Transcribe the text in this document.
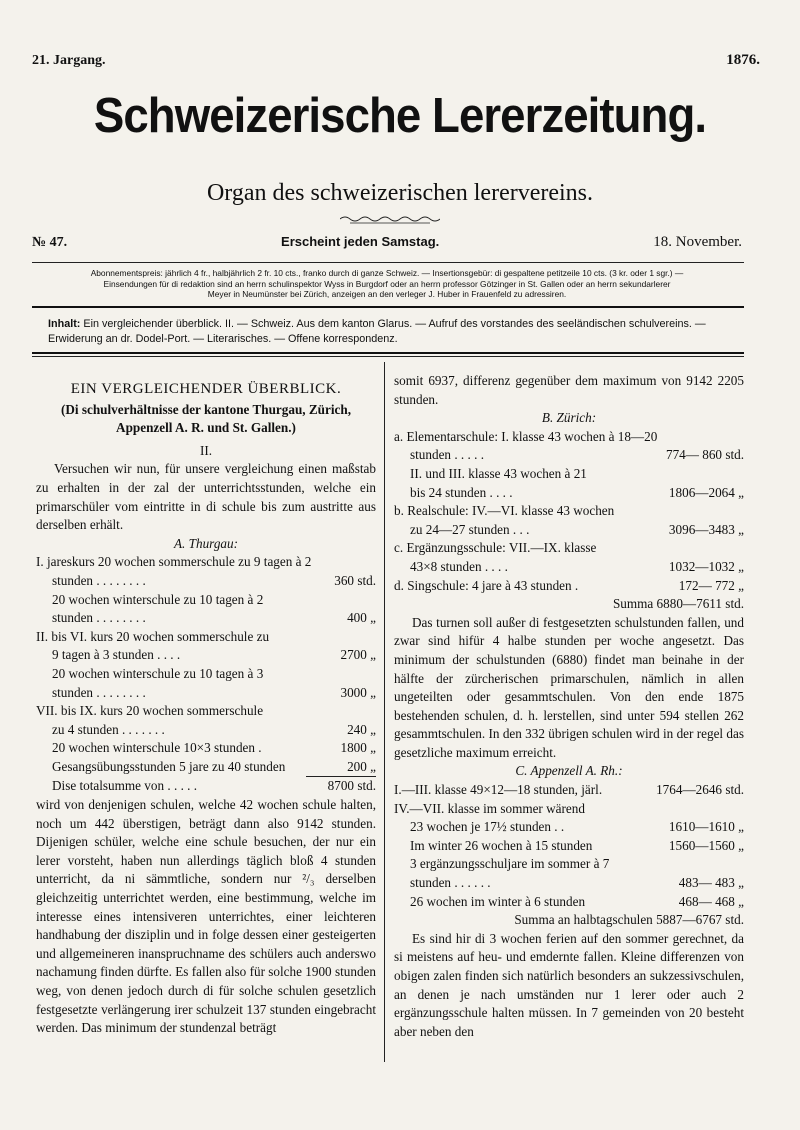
21. Jargang.	1876.
Schweizerische Lererzeitung.
Organ des schweizerischen lerervereins.
№ 47.	Erscheint jeden Samstag.	18. November.
Abonnementspreis: jährlich 4 fr., halbjährlich 2 fr. 10 cts., franko durch di ganze Schweiz. — Insertionsgebür: di gespaltene petitzeile 10 cts. (3 kr. oder 1 sgr.) —
Einsendungen für di redaktion sind an herrn schulinspektor Wyss in Burgdorf oder an herrn professor Götzinger in St. Gallen oder an herrn sekundarlerer
Meyer in Neumünster bei Zürich, anzeigen an den verleger J. Huber in Frauenfeld zu adressiren.
Inhalt: Ein vergleichender überblick. II. — Schweiz. Aus dem kanton Glarus. — Aufruf des vorstandes des seeländischen schulvereins. — Erwiderung an dr. Dodel-Port. — Literarisches. — Offene korrespondenz.
EIN VERGLEICHENDER ÜBERBLICK.
(Di schulverhältnisse der kantone Thurgau, Zürich, Appenzell A. R. und St. Gallen.)
II.
Versuchen wir nun, für unsere vergleichung einen maßstab zu erhalten in der zal der unterrichtsstunden, welche ein primarschüler vom eintritte in di schule bis zum austritte aus derselben erhält.
A. Thurgau:
I. jareskurs 20 wochen sommerschule zu 9 tagen à 2
stunden . . . . . . . .	360 std.
20 wochen winterschule zu 10 tagen à 2
stunden . . . . . . . .	400 „
II. bis VI. kurs 20 wochen sommerschule zu
9 tagen à 3 stunden . . . .	2700 „
20 wochen winterschule zu 10 tagen à 3
stunden . . . . . . . .	3000 „
VII. bis IX. kurs 20 wochen sommerschule
zu 4 stunden . . . . . . .	240 „
20 wochen winterschule 10×3 stunden .	1800 „
Gesangsübungsstunden 5 jare zu 40 stunden	200 „
Dise totalsumme von . . . . .	8700 std.
wird von denjenigen schulen, welche 42 wochen schule halten, noch um 442 überstigen, beträgt dann also 9142 stunden. Dijenigen schüler, welche eine schule besuchen, der nur ein lerer vorsteht, haben nun allerdings täglich bloß 4 stunden unterricht, da ni sämmtliche, sondern nur ²/₃ derselben gleichzeitig unterrichtet werden, eine bestimmung, welche im interesse eines intensiveren unterrichtes, einer leichteren handhabung der disziplin und in folge dessen einer gesteigerten und allgemeineren inanspruchname des schülers auch anderswo nachamung finden dürfte. Es fallen also für solche 1900 stunden weg, von denen jedoch durch di für solche schulen gesetzlich festgesetzte verlängerung irer schulzeit 137 stunden eingebracht werden. Das minimum der stundenzal beträgt
somit 6937, differenz gegenüber dem maximum von 9142 2205 stunden.
B. Zürich:
a. Elementarschule: I. klasse 43 wochen à 18—20
stunden . . . . .	774— 860 std.
II. und III. klasse 43 wochen à 21
bis 24 stunden . . . .	1806—2064 „
b. Realschule: IV.—VI. klasse 43 wochen
zu 24—27 stunden . . .	3096—3483 „
c. Ergänzungsschule: VII.—IX. klasse
43×8 stunden . . . .	1032—1032 „
d. Singschule: 4 jare à 43 stunden .	172— 772 „
Summa 6880—7611 std.
Das turnen soll außer di festgesetzten schulstunden fallen, und zwar sind hifür 4 halbe stunden per woche angesetzt. Das minimum der schulstunden (6880) findet man beinahe in der hälfte der zürcherischen primarschulen, nämlich in allen ungeteilten oder gesammtschulen. Von den ende 1875 bestehenden schulen, d. h. lerstellen, sind unter 594 stellen 262 gesammtschulen. In den 332 übrigen schulen wird in der regel das gesetzliche maximum erreicht.
C. Appenzell A. Rh.:
I.—III. klasse 49×12—18 stunden, järl.	1764—2646 std.
IV.—VII. klasse im sommer wärend
23 wochen je 17½ stunden . .	1610—1610 „
Im winter 26 wochen à 15 stunden	1560—1560 „
3 ergänzungsschuljare im sommer à 7
stunden . . . . . .	483— 483 „
26 wochen im winter à 6 stunden	468— 468 „
Summa an halbtagschulen 5887—6767 std.
Es sind hir di 3 wochen ferien auf den sommer gerechnet, da si meistens auf heu- und emdernte fallen. Kleine differenzen von obigen zalen finden sich natürlich besonders an sukzessivschulen, an denen je nach umständen nur 1 lerer oder auch 2 ergänzungsschule halten müssen. In 7 gemeinden von 20 besteht aber neben den
